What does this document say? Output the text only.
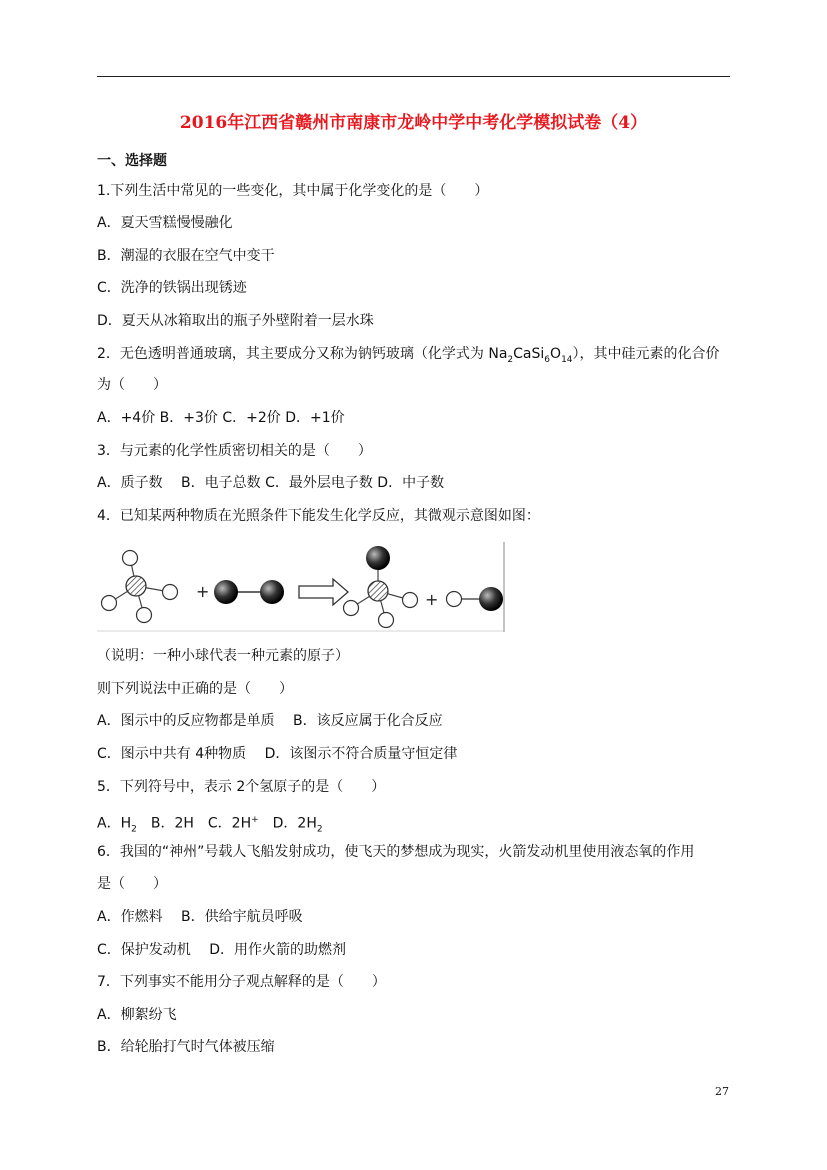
2016年江西省赣州市南康市龙岭中学中考化学模拟试卷（4）
一、选择题
1.下列生活中常见的一些变化，其中属于化学变化的是（　　）
A．夏天雪糕慢慢融化
B．潮湿的衣服在空气中变干
C．洗净的铁锅出现锈迹
D．夏天从冰箱取出的瓶子外壁附着一层水珠
2．无色透明普通玻璃，其主要成分又称为钠钙玻璃（化学式为 $Na_2CaSi_6O_{14}$），其中硅元素的化合价
为（　　）
A．+4价 B．+3价 C．+2价 D．+1价
3．与元素的化学性质密切相关的是（　　）
A．质子数　 B．电子总数 C．最外层电子数 D．中子数
4．已知某两种物质在光照条件下能发生化学反应，其微观示意图如图：
+	+
（说明：一种小球代表一种元素的原子）
则下列说法中正确的是（　　）
A．图示中的反应物都是单质　 B．该反应属于化合反应
C．图示中共有 4种物质　 D．该图示不符合质量守恒定律
5．下列符号中，表示 2个氢原子的是（　　）
A．$H_2$　B．2H　C．2H+　D．$2H_2$
6．我国的“神州”号载人飞船发射成功，使飞天的梦想成为现实，火箭发动机里使用液态氧的作用
是（　　）
A．作燃料　 B．供给宇航员呼吸
C．保护发动机　 D．用作火箭的助燃剂
7．下列事实不能用分子观点解释的是（　　）
A．柳絮纷飞
B．给轮胎打气时气体被压缩
27
